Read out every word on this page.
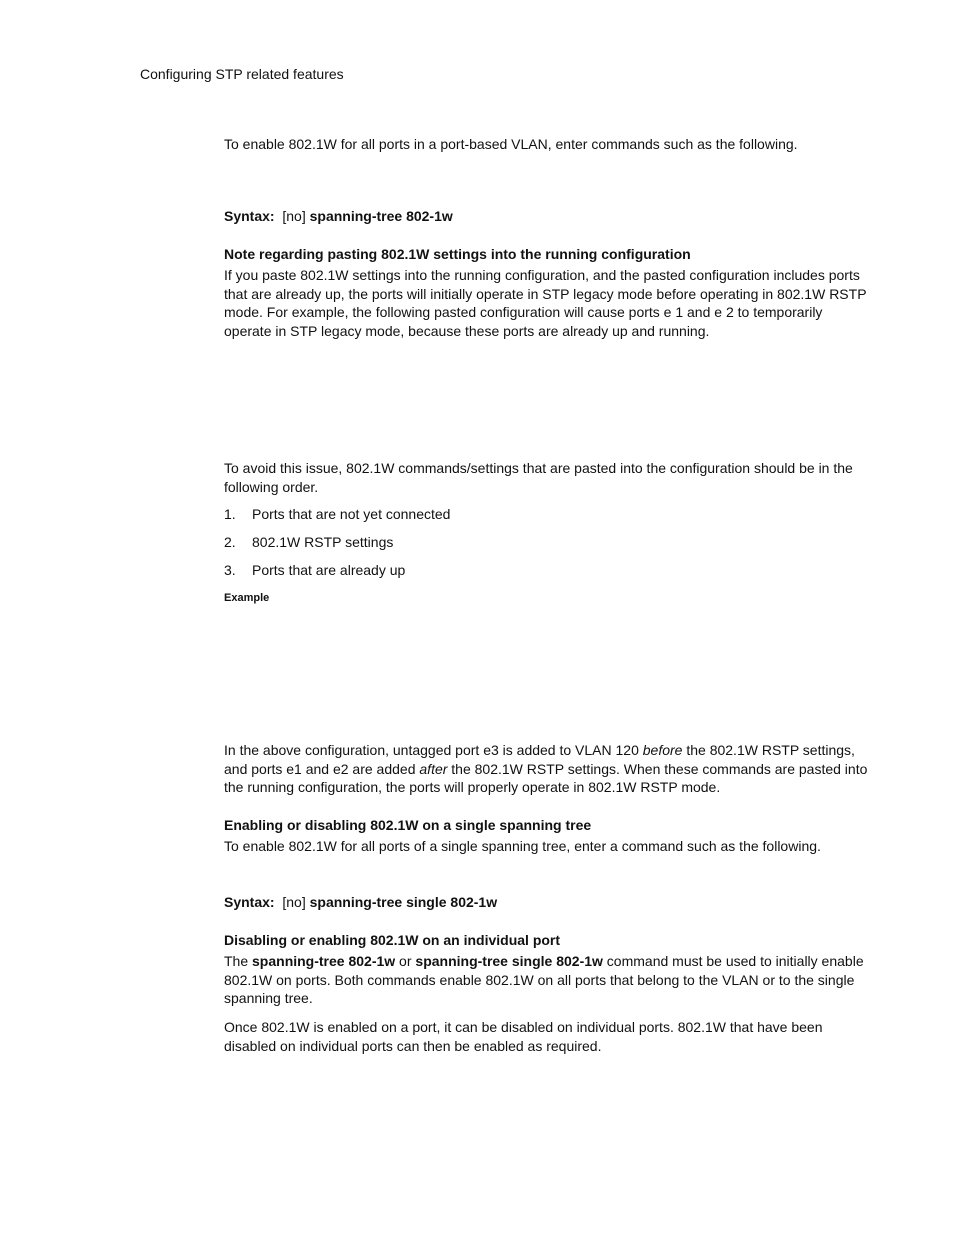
Configuring STP related features
To enable 802.1W for all ports in a port-based VLAN, enter commands such as the following.
Syntax: [no] spanning-tree 802-1w
Note regarding pasting 802.1W settings into the running configuration
If you paste 802.1W settings into the running configuration, and the pasted configuration includes ports that are already up, the ports will initially operate in STP legacy mode before operating in 802.1W RSTP mode. For example, the following pasted configuration will cause ports e 1 and e 2 to temporarily operate in STP legacy mode, because these ports are already up and running.
To avoid this issue, 802.1W commands/settings that are pasted into the configuration should be in the following order.
1. Ports that are not yet connected
2. 802.1W RSTP settings
3. Ports that are already up
Example
In the above configuration, untagged port e3 is added to VLAN 120 before the 802.1W RSTP settings, and ports e1 and e2 are added after the 802.1W RSTP settings. When these commands are pasted into the running configuration, the ports will properly operate in 802.1W RSTP mode.
Enabling or disabling 802.1W on a single spanning tree
To enable 802.1W for all ports of a single spanning tree, enter a command such as the following.
Syntax: [no] spanning-tree single 802-1w
Disabling or enabling 802.1W on an individual port
The spanning-tree 802-1w or spanning-tree single 802-1w command must be used to initially enable 802.1W on ports. Both commands enable 802.1W on all ports that belong to the VLAN or to the single spanning tree.
Once 802.1W is enabled on a port, it can be disabled on individual ports. 802.1W that have been disabled on individual ports can then be enabled as required.
